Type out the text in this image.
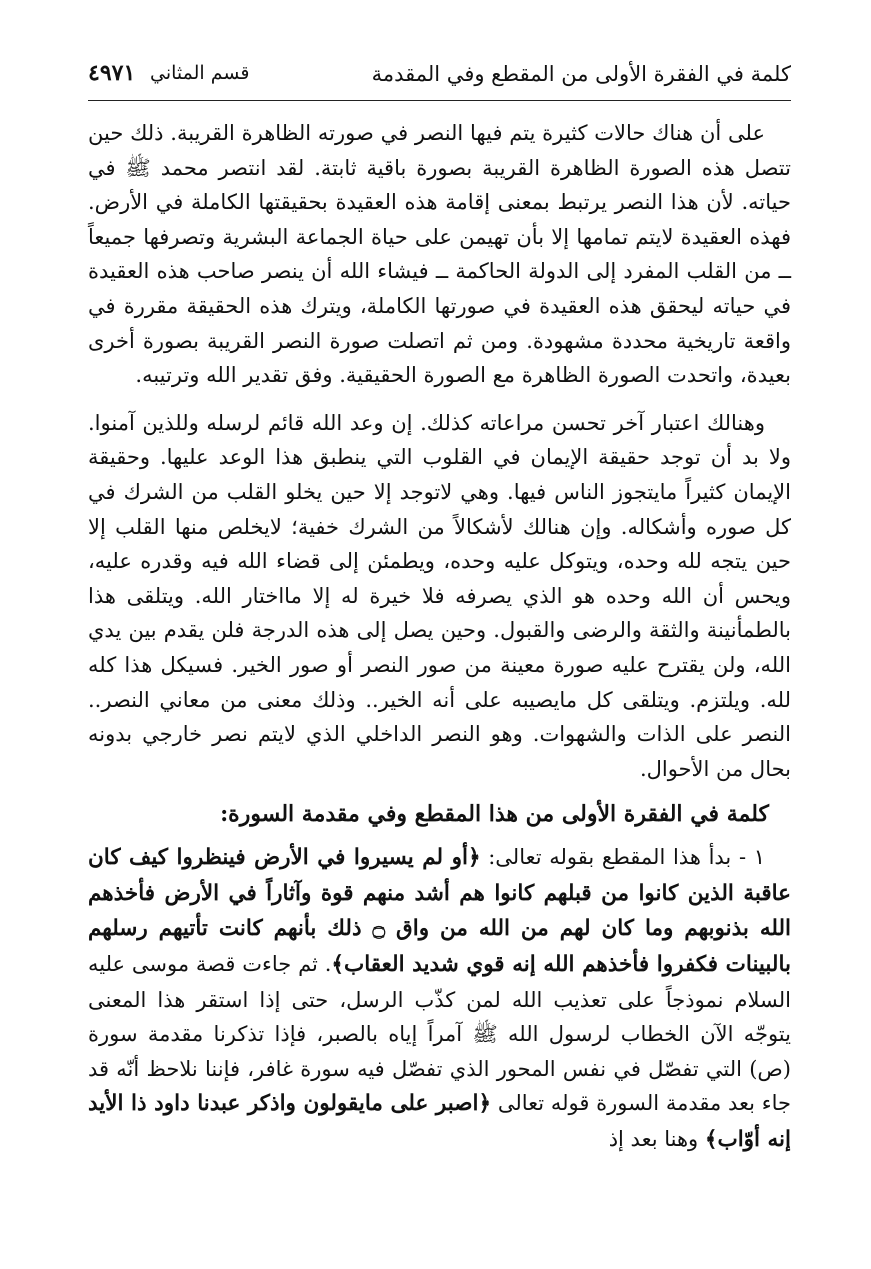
كلمة في الفقرة الأولى من المقطع وفي المقدمة
قسم المثاني
٤٩٧١

على أن هناك حالات كثيرة يتم فيها النصر في صورته الظاهرة القريبة. ذلك حين تتصل هذه الصورة الظاهرة القريبة بصورة باقية ثابتة. لقد انتصر محمد ﷺ في حياته. لأن هذا النصر يرتبط بمعنى إقامة هذه العقيدة بحقيقتها الكاملة في الأرض. فهذه العقيدة لايتم تمامها إلا بأن تهيمن على حياة الجماعة البشرية وتصرفها جميعاً ــ من القلب المفرد إلى الدولة الحاكمة ــ فيشاء الله أن ينصر صاحب هذه العقيدة في حياته ليحقق هذه العقيدة في صورتها الكاملة، ويترك هذه الحقيقة مقررة في واقعة تاريخية محددة مشهودة. ومن ثم اتصلت صورة النصر القريبة بصورة أخرى بعيدة، واتحدت الصورة الظاهرة مع الصورة الحقيقية. وفق تقدير الله وترتيبه.

وهنالك اعتبار آخر تحسن مراعاته كذلك. إن وعد الله قائم لرسله وللذين آمنوا. ولا بد أن توجد حقيقة الإيمان في القلوب التي ينطبق هذا الوعد عليها. وحقيقة الإيمان كثيراً مايتجوز الناس فيها. وهي لاتوجد إلا حين يخلو القلب من الشرك في كل صوره وأشكاله. وإن هنالك لأشكالاً من الشرك خفية؛ لايخلص منها القلب إلا حين يتجه لله وحده، ويتوكل عليه وحده، ويطمئن إلى قضاء الله فيه وقدره عليه، ويحس أن الله وحده هو الذي يصرفه فلا خيرة له إلا مااختار الله. ويتلقى هذا بالطمأنينة والثقة والرضى والقبول. وحين يصل إلى هذه الدرجة فلن يقدم بين يدي الله، ولن يقترح عليه صورة معينة من صور النصر أو صور الخير. فسيكل هذا كله لله. ويلتزم. ويتلقى كل مايصيبه على أنه الخير.. وذلك معنى من معاني النصر.. النصر على الذات والشهوات. وهو النصر الداخلي الذي لايتم نصر خارجي بدونه بحال من الأحوال.

كلمة في الفقرة الأولى من هذا المقطع وفي مقدمة السورة:

١ - بدأ هذا المقطع بقوله تعالى: ﴿أو لم يسيروا في الأرض فينظروا كيف كان عاقبة الذين كانوا من قبلهم كانوا هم أشد منهم قوة وآثاراً في الأرض فأخذهم الله بذنوبهم وما كان لهم من الله من واق ۝ ذلك بأنهم كانت تأتيهم رسلهم بالبينات فكفروا فأخذهم الله إنه قوي شديد العقاب﴾. ثم جاءت قصة موسى عليه السلام نموذجاً على تعذيب الله لمن كذّب الرسل، حتى إذا استقر هذا المعنى يتوجّه الآن الخطاب لرسول الله ﷺ آمراً إياه بالصبر، فإذا تذكرنا مقدمة سورة (ص) التي تفصّل في نفس المحور الذي تفصّل فيه سورة غافر، فإننا نلاحظ أنّه قد جاء بعد مقدمة السورة قوله تعالى ﴿اصبر على مايقولون واذكر عبدنا داود ذا الأيد إنه أوّاب﴾ وهنا بعد إذ
